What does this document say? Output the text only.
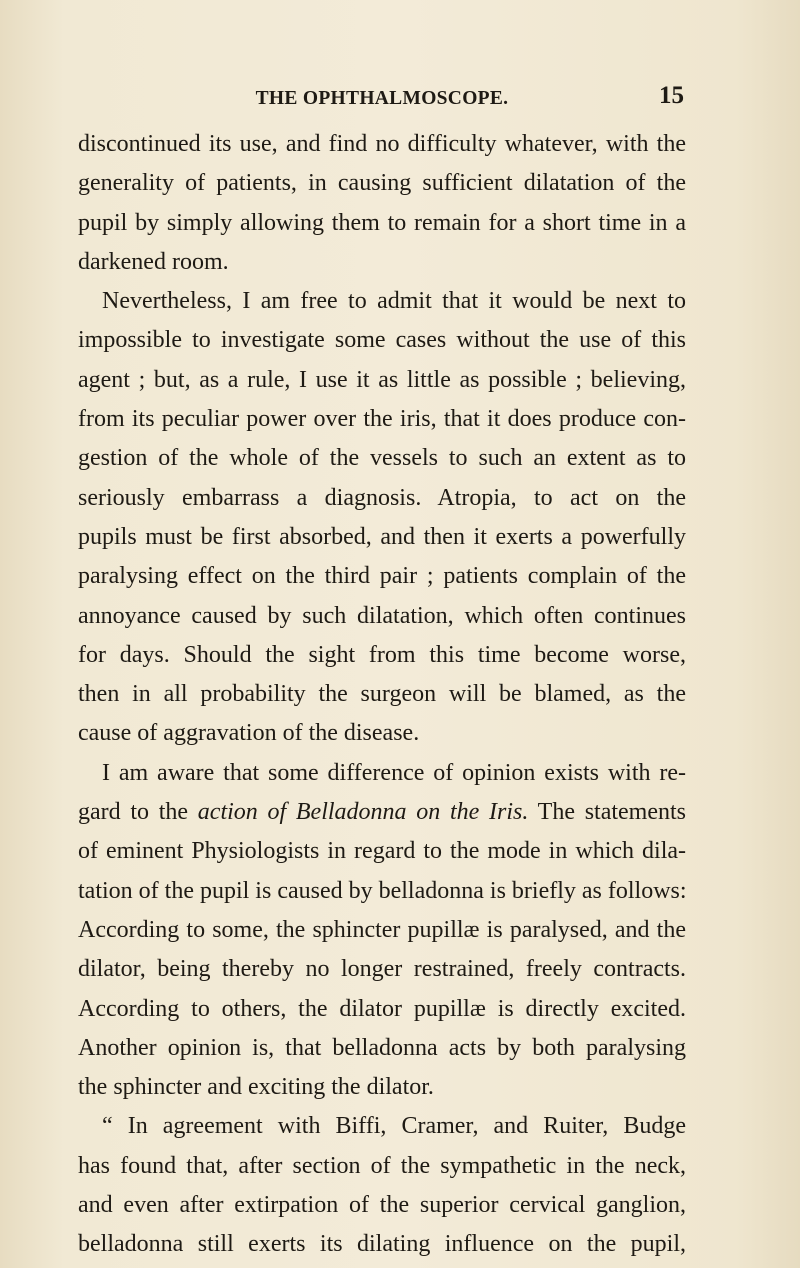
THE OPHTHALMOSCOPE.	15
discontinued its use, and find no difficulty whatever, with the
generality of patients, in causing sufficient dilatation of the
pupil by simply allowing them to remain for a short time in a
darkened room.
Nevertheless, I am free to admit that it would be next to
impossible to investigate some cases without the use of this
agent ; but, as a rule, I use it as little as possible ; believing,
from its peculiar power over the iris, that it does produce con-
gestion of the whole of the vessels to such an extent as to
seriously embarrass a diagnosis. Atropia, to act on the
pupils must be first absorbed, and then it exerts a powerfully
paralysing effect on the third pair ; patients complain of the
annoyance caused by such dilatation, which often continues
for days. Should the sight from this time become worse,
then in all probability the surgeon will be blamed, as the
cause of aggravation of the disease.
I am aware that some difference of opinion exists with re-
gard to the action of Belladonna on the Iris. The statements
of eminent Physiologists in regard to the mode in which dila-
tation of the pupil is caused by belladonna is briefly as follows:
According to some, the sphincter pupillæ is paralysed, and the
dilator, being thereby no longer restrained, freely contracts.
According to others, the dilator pupillæ is directly excited.
Another opinion is, that belladonna acts by both paralysing
the sphincter and exciting the dilator.
“ In agreement with Biffi, Cramer, and Ruiter, Budge
has found that, after section of the sympathetic in the neck,
and even after extirpation of the superior cervical ganglion,
belladonna still exerts its dilating influence on the pupil,
